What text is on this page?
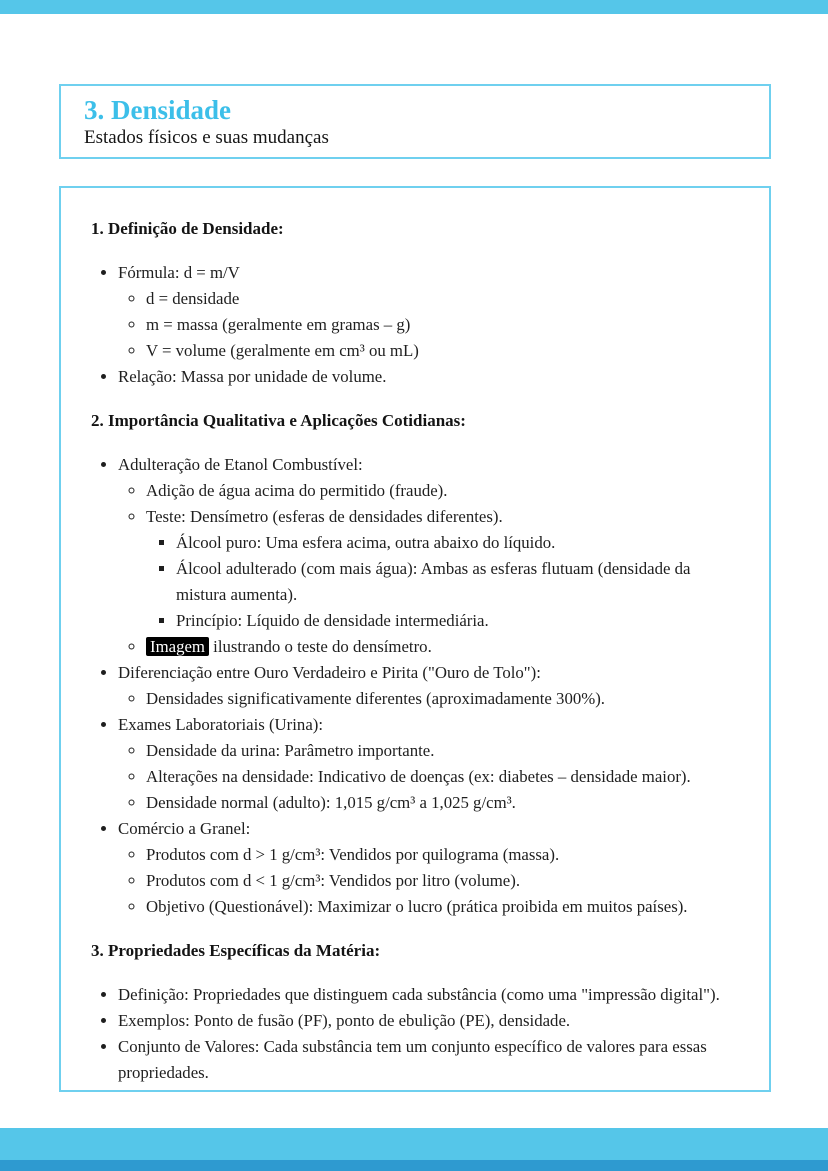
3. Densidade
Estados físicos e suas mudanças
1. Definição de Densidade:
• Fórmula: d = m/V
◦ d = densidade
◦ m = massa (geralmente em gramas – g)
◦ V = volume (geralmente em cm³ ou mL)
• Relação: Massa por unidade de volume.
2. Importância Qualitativa e Aplicações Cotidianas:
• Adulteração de Etanol Combustível:
◦ Adição de água acima do permitido (fraude).
◦ Teste: Densímetro (esferas de densidades diferentes).
▪ Álcool puro: Uma esfera acima, outra abaixo do líquido.
▪ Álcool adulterado (com mais água): Ambas as esferas flutuam (densidade da mistura aumenta).
▪ Princípio: Líquido de densidade intermediária.
◦ Imagem ilustrando o teste do densímetro.
• Diferenciação entre Ouro Verdadeiro e Pirita ("Ouro de Tolo"):
◦ Densidades significativamente diferentes (aproximadamente 300%).
• Exames Laboratoriais (Urina):
◦ Densidade da urina: Parâmetro importante.
◦ Alterações na densidade: Indicativo de doenças (ex: diabetes – densidade maior).
◦ Densidade normal (adulto): 1,015 g/cm³ a 1,025 g/cm³.
• Comércio a Granel:
◦ Produtos com d > 1 g/cm³: Vendidos por quilograma (massa).
◦ Produtos com d < 1 g/cm³: Vendidos por litro (volume).
◦ Objetivo (Questionável): Maximizar o lucro (prática proibida em muitos países).
3. Propriedades Específicas da Matéria:
• Definição: Propriedades que distinguem cada substância (como uma "impressão digital").
• Exemplos: Ponto de fusão (PF), ponto de ebulição (PE), densidade.
• Conjunto de Valores: Cada substância tem um conjunto específico de valores para essas propriedades.
